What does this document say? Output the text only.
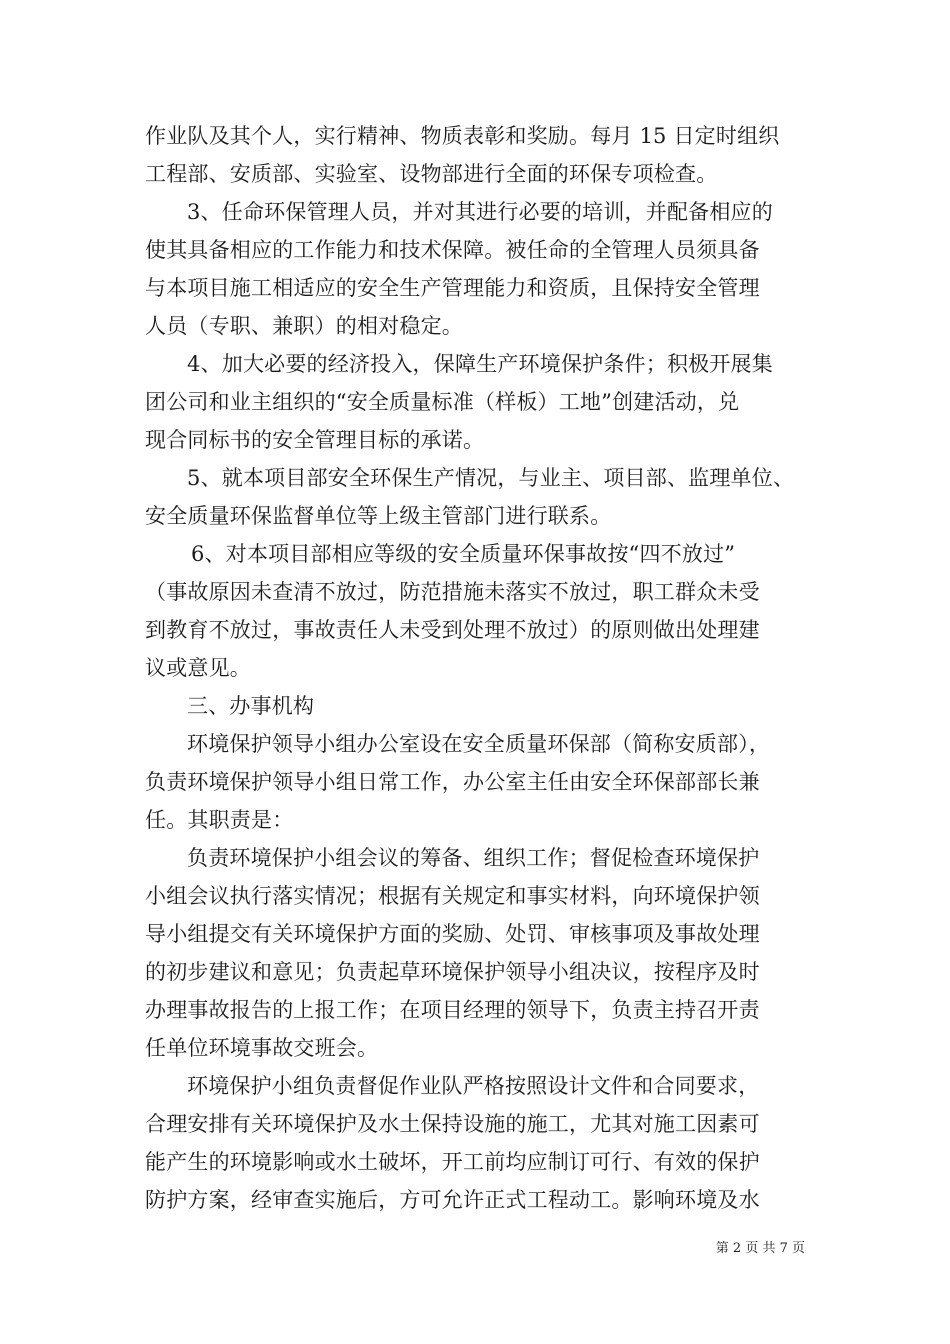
作业队及其个人，实行精神、物质表彰和奖励。每月 15 日定时组织
工程部、安质部、实验室、设物部进行全面的环保专项检查。
3、任命环保管理人员，并对其进行必要的培训，并配备相应的
使其具备相应的工作能力和技术保障。被任命的全管理人员须具备
与本项目施工相适应的安全生产管理能力和资质，且保持安全管理
人员（专职、兼职）的相对稳定。
4、加大必要的经济投入，保障生产环境保护条件；积极开展集
团公司和业主组织的“安全质量标准（样板）工地”创建活动，兑
现合同标书的安全管理目标的承诺。
5、就本项目部安全环保生产情况，与业主、项目部、监理单位、
安全质量环保监督单位等上级主管部门进行联系。
6、对本项目部相应等级的安全质量环保事故按“四不放过”
（事故原因未查清不放过，防范措施未落实不放过，职工群众未受
到教育不放过，事故责任人未受到处理不放过）的原则做出处理建
议或意见。
三、办事机构
环境保护领导小组办公室设在安全质量环保部（简称安质部），
负责环境保护领导小组日常工作，办公室主任由安全环保部部长兼
任。其职责是：
负责环境保护小组会议的筹备、组织工作；督促检查环境保护
小组会议执行落实情况；根据有关规定和事实材料，向环境保护领
导小组提交有关环境保护方面的奖励、处罚、审核事项及事故处理
的初步建议和意见；负责起草环境保护领导小组决议，按程序及时
办理事故报告的上报工作；在项目经理的领导下，负责主持召开责
任单位环境事故交班会。
环境保护小组负责督促作业队严格按照设计文件和合同要求，
合理安排有关环境保护及水土保持设施的施工，尤其对施工因素可
能产生的环境影响或水土破坏，开工前均应制订可行、有效的保护
防护方案，经审查实施后，方可允许正式工程动工。影响环境及水
第 2 页 共 7 页
